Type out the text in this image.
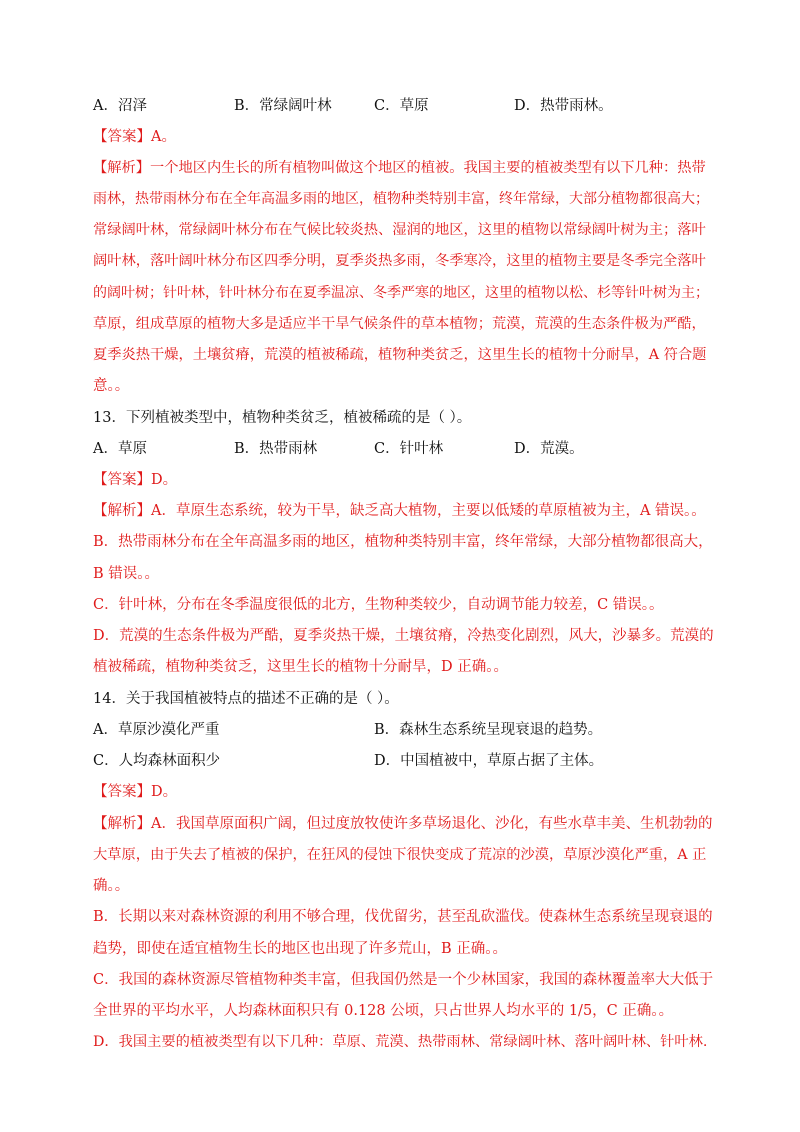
A．沼泽	B．常绿阔叶林	C．草原	D．热带雨林。
【答案】A。
【解析】一个地区内生长的所有植物叫做这个地区的植被。我国主要的植被类型有以下几种：热带
雨林，热带雨林分布在全年高温多雨的地区，植物种类特别丰富，终年常绿，大部分植物都很高大；
常绿阔叶林，常绿阔叶林分布在气候比较炎热、湿润的地区，这里的植物以常绿阔叶树为主；落叶
阔叶林，落叶阔叶林分布区四季分明，夏季炎热多雨，冬季寒冷，这里的植物主要是冬季完全落叶
的阔叶树；针叶林，针叶林分布在夏季温凉、冬季严寒的地区，这里的植物以松、杉等针叶树为主；
草原，组成草原的植物大多是适应半干旱气候条件的草本植物；荒漠，荒漠的生态条件极为严酷，
夏季炎热干燥，土壤贫瘠，荒漠的植被稀疏，植物种类贫乏，这里生长的植物十分耐旱，A 符合题
意。。
13．下列植被类型中，植物种类贫乏，植被稀疏的是（ ）。
A．草原	B．热带雨林	C．针叶林	D．荒漠。
【答案】D。
【解析】A．草原生态系统，较为干旱，缺乏高大植物，主要以低矮的草原植被为主，A 错误。。
B．热带雨林分布在全年高温多雨的地区，植物种类特别丰富，终年常绿，大部分植物都很高大，
B 错误。。
C．针叶林，分布在冬季温度很低的北方，生物种类较少，自动调节能力较差，C 错误。。
D．荒漠的生态条件极为严酷，夏季炎热干燥，土壤贫瘠，冷热变化剧烈，风大，沙暴多。荒漠的
植被稀疏，植物种类贫乏，这里生长的植物十分耐旱，D 正确。。
14．关于我国植被特点的描述不正确的是（ ）。
A．草原沙漠化严重	B．森林生态系统呈现衰退的趋势。
C．人均森林面积少	D．中国植被中，草原占据了主体。
【答案】D。
【解析】A．我国草原面积广阔，但过度放牧使许多草场退化、沙化，有些水草丰美、生机勃勃的
大草原，由于失去了植被的保护，在狂风的侵蚀下很快变成了荒凉的沙漠，草原沙漠化严重，A 正
确。。
B．长期以来对森林资源的利用不够合理，伐优留劣，甚至乱砍滥伐。使森林生态系统呈现衰退的
趋势，即使在适宜植物生长的地区也出现了许多荒山，B 正确。。
C．我国的森林资源尽管植物种类丰富，但我国仍然是一个少林国家，我国的森林覆盖率大大低于
全世界的平均水平，人均森林面积只有 0.128 公顷，只占世界人均水平的 1/5，C 正确。。
D．我国主要的植被类型有以下几种：草原、荒漠、热带雨林、常绿阔叶林、落叶阔叶林、针叶林.
